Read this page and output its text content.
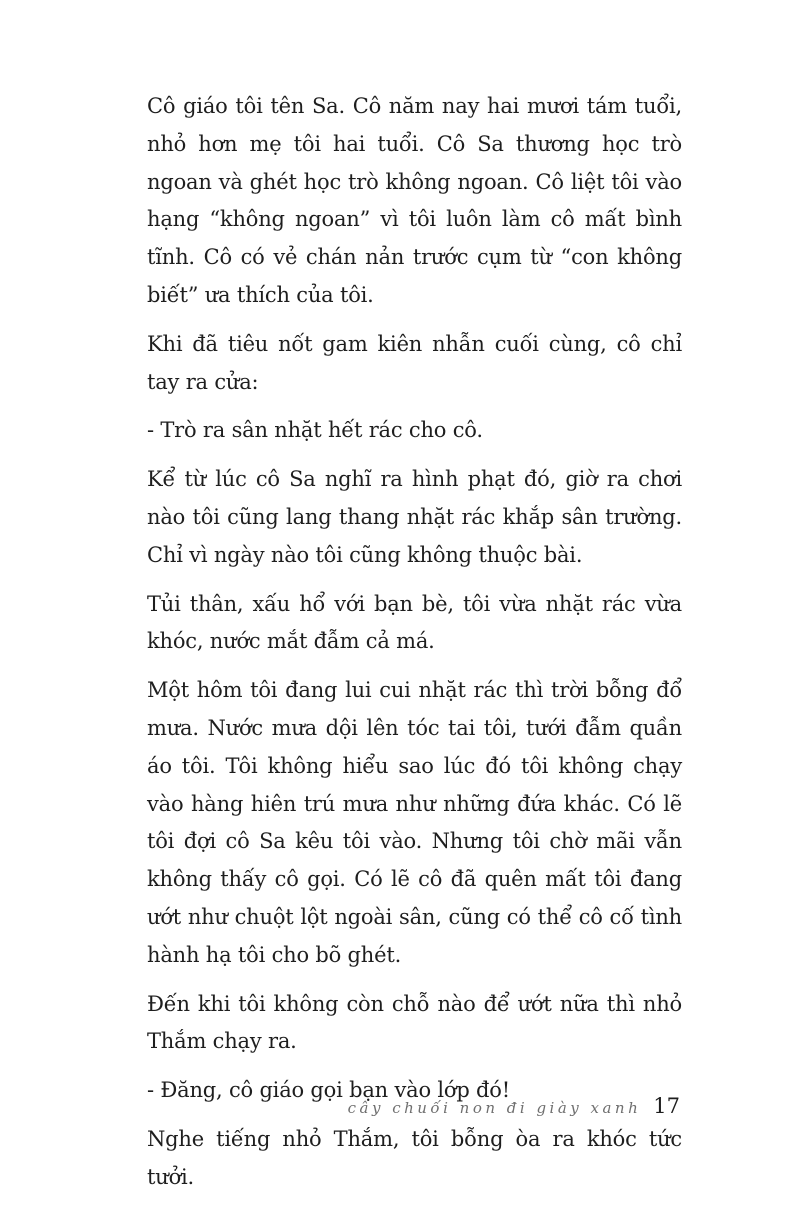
Cô giáo tôi tên Sa. Cô năm nay hai mươi tám tuổi, nhỏ hơn mẹ tôi hai tuổi. Cô Sa thương học trò ngoan và ghét học trò không ngoan. Cô liệt tôi vào hạng “không ngoan” vì tôi luôn làm cô mất bình tĩnh. Cô có vẻ chán nản trước cụm từ “con không biết” ưa thích của tôi.

Khi đã tiêu nốt gam kiên nhẫn cuối cùng, cô chỉ tay ra cửa:

- Trò ra sân nhặt hết rác cho cô.

Kể từ lúc cô Sa nghĩ ra hình phạt đó, giờ ra chơi nào tôi cũng lang thang nhặt rác khắp sân trường. Chỉ vì ngày nào tôi cũng không thuộc bài.

Tủi thân, xấu hổ với bạn bè, tôi vừa nhặt rác vừa khóc, nước mắt đẫm cả má.

Một hôm tôi đang lui cui nhặt rác thì trời bỗng đổ mưa. Nước mưa dội lên tóc tai tôi, tưới đẫm quần áo tôi. Tôi không hiểu sao lúc đó tôi không chạy vào hàng hiên trú mưa như những đứa khác. Có lẽ tôi đợi cô Sa kêu tôi vào. Nhưng tôi chờ mãi vẫn không thấy cô gọi. Có lẽ cô đã quên mất tôi đang ướt như chuột lột ngoài sân, cũng có thể cô cố tình hành hạ tôi cho bõ ghét.

Đến khi tôi không còn chỗ nào để ướt nữa thì nhỏ Thắm chạy ra.

- Đăng, cô giáo gọi bạn vào lớp đó!

Nghe tiếng nhỏ Thắm, tôi bỗng òa ra khóc tức tưởi.

cây chuối non đi giày xanh 17
